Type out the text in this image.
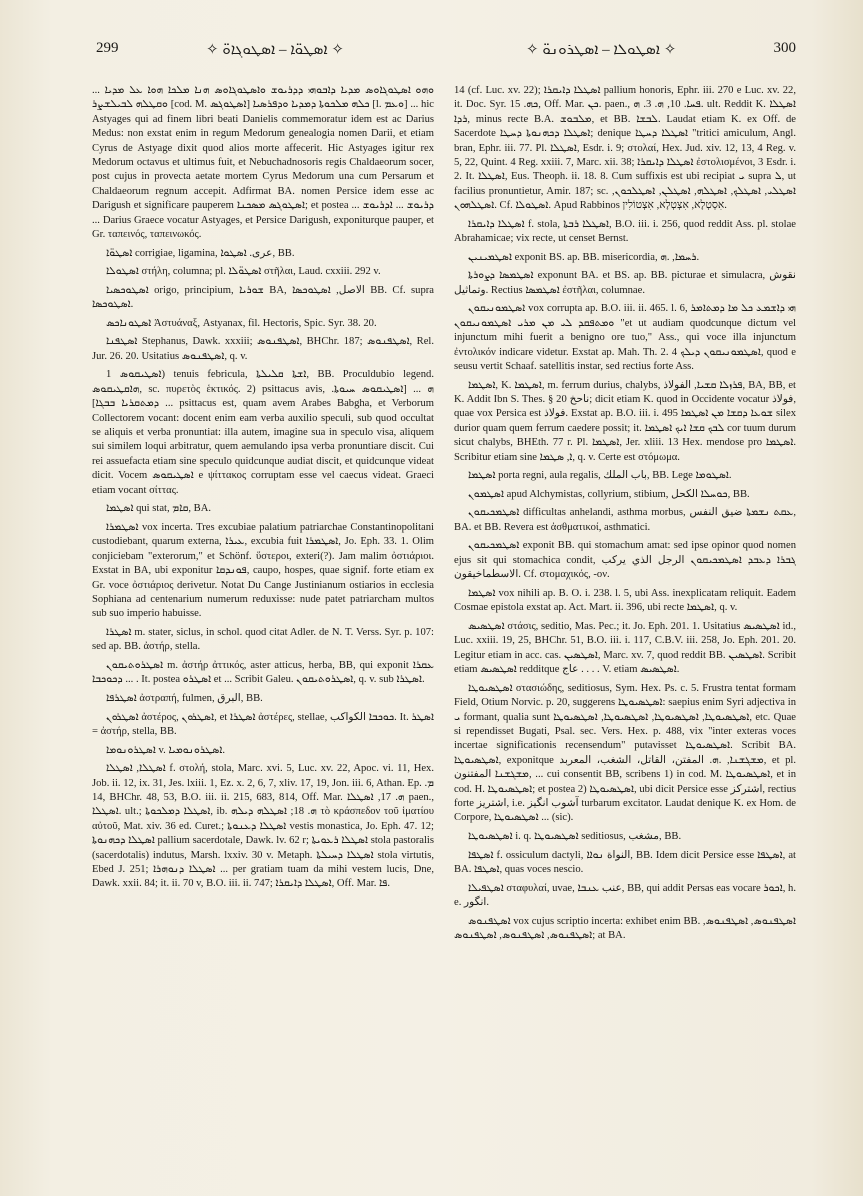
299	✧ ܐܣܛܘ̈ܐ – ܐܣܛܘܓܐܘ̈ ✧	✧ ܐܣܛܘܠܐ – ܐܣܛܪܘܢܘ̈ ✧	300

ܘܗܘ ܐܣܛܘܓܐܘܣ ܡܕܝܐ ܕܐܒܘܗܝ ܕܕܪܝܘܫ ܘܐܣܛܘܓܐܘܣ ܗܢܐ ܡܠܟܐ ܗܘܐ ܥܠ ܡܕܝܐ ... ܘܩܛܠܗ ܠܒܝܠܫܨܪ [cod. M. ܐܣܛܘܓܣ] ܟܠܗ ܡܠܟܘܬܐ ܕܡܕܝܐ ܘܕܦܪܣܝܐ [l. ܘܥܡ] ... hic Astyages qui ad finem libri beati Danielis commemoratur idem est ac Darius Medus: non exstat enim in regum Medorum genealogia nomen Darii, et etiam Cyrus de Astyage dixit quod alios morte affecerit. Hic Astyages igitur rex Medorum octavus et ultimus fuit, et Nebuchadnosoris regis Chaldaeorum socer, post cujus in provecta aetate mortem Cyrus Medorum una cum Persarum et Chaldaeorum regnum accepit. Adfirmat BA. nomen Persice idem esse ac Darigush et significare pauperem ܐܣܛܘܓܣ ܡܣܟܢܐ; et postea ... ܕܪܝܘܫ ... ܐܕܪܝܘܫ ... Darius Graece vocatur Astyages, et Persice Darigush, exponiturque pauper, et Gr. ταπεινός, ταπεινωκός.

ܐܣܛܘ̈ܐ corrigiae, ligamina, عرى. ܐܣܛܘܐ, BB.

ܐܣܛܘܠܐ στήλη, columna; pl. ܐܣܛܘ̈ܠܐ στῆλαι, Laud. cxxiii. 292 v.

ܐܣܛܘܟܣܝܐ origo, principium, ܫܘܪܝܐ BA, الاصل, ܐܣܛܘܟܣܐ BB. Cf. supra ܐܣܛܘܟܣܐ.

ܐܣܛܘܢܐܟܣ Ἀστυάναξ, Astyanax, fil. Hectoris, Spic. Syr. 38. 20.

ܐܣܛܦܢܐ Stephanus, Dawk. xxxiii; ܐܣܛܦܢܘܣ, BHChr. 187; ܐܣܛܦܢܘܣ, Rel. Jur. 26. 20. Usitatius ܐܣܛܦܢܘܣ, q. v.

ܐܣܛܝܩܘܣ 1) tenuis febricula, ܐܫܬܐ ܩܠܝܠܬܐ, BB. Proculdubio legend. ܗܐܩܛܝܩܘܣ, sc. πυρετὸς ἑκτικός. 2) psittacus avis, .ܗ ... [ܐܣܛܝܩܘܣ ܚܝܘܬܐ ܕܡܬܩܪܝܐ ܒܒܓܐ] ... psittacus est, quam avem Arabes Babgha, et Verborum Collectorem vocant: docent enim eam verba auxilio speculi, sub quod occultat se aliquis et verba pronuntiat: illa autem, imagine sua in speculo visa, aliquem sui similem loqui arbitratur, quem aemulando ipsa verba pronuntiare discit. Cui rei assuefacta etiam sine speculo quidcunque audiat discit, et quidcunque videat dicit. Vocem ܐܣܛܝܩܘܣ e ψίττακος corruptam esse vel caecus videat. Graeci etiam vocant σίττας.

ܐܣܛܡܐ qui stat, ܩܐܡ, BA.

ܐܣܛܡܪܐ vox incerta. Tres excubiae palatium patriarchae Constantinopolitani custodiebant, quarum externa, ܥܝܪܐ, excubia fuit ܐܣܛܡܪܐ, Jo. Eph. 33. 1. Olim conjiciebam "exterorum," et Schönf. ὕστεροι, exteri(?). Jam malim ὀστιάριοι. Exstat in BA, ubi exponitur ܦܘܢܕܩܐ, caupo, hospes, quae signif. forte etiam ex Gr. voce ὀστιάριος derivetur. Notat Du Cange Justinianum ostiarios in ecclesia Sophiana ad centenarium numerum reduxisse: nude patet patriarcham multos sub suo imperio habuisse.

ܐܣܛܪܐ m. stater, siclus, in schol. quod citat Adler. de N. T. Verss. Syr. p. 107: sed ap. BB. ἀστήρ, stella.

ܐܣܛܪܘܬܝܩܘܢ m. ἀστήρ ἀττικός, aster atticus, herba, BB, qui exponit ܥܩܪܐ ܕܟܘܟܒܐ ... . It. postea ܐܣܛܪܘ et ... Scribit Galeu. ܐܣܛܪܘܬܝܩܘܢ, q. v. sub ܐܣܛܪܐ.

ܐܣܛܪܦܐ ἀστραπή, fulmen, البرق, BB.

ܐܣܛܪܘܢ ἀστέρος, ܐܣܛܪܘܢ, et ܐܣܛܪܐ ἀστέρες, stellae, ܟܘܟܒܐ الكواكب. It. ܐܣܛܪ = ἀστήρ, stella, BB.

ܐܣܛܪܘܢܘܡܐ v. ܐܣܛܪܘܢܘܡܝܐ.

ܐܣܛܠܐ, ܐܣܛܠܐ f. στολή, stola, Marc. xvi. 5, Luc. xv. 22, Apoc. vi. 11, Hex. Job. ii. 12, ix. 31, Jes. lxiii. 1, Ez. x. 2, 6, 7, xliv. 17, 19, Jon. iii. 6, Athan. Ep. ܡ. 14, BHChr. 48, 53, B.O. iii. ii. 215, 683, 814, Off. Mar. ܗ. 17, ܐܣܛܠܐ paen., ܐܣܛܠܐ. ult.; ܐܣܛܠܐ ܕܡܠܟܘܬܐ, ib. ܗ. 18; ܐܣܛܠܗ ܕܝܠܗ τὸ κράσπεδον τοῦ ἱματίου αὐτοῦ, Mat. xiv. 36 ed. Curet.; ܐܣܛܠܐ ܕܥܢܘܬܐ vestis monastica, Jo. Eph. 47. 12; ܐܣܛܠܐ ܕܟܗܢܘܬܐ pallium sacerdotale, Dawk. lv. 62 r; ܐܣܛܠܐ ܪܥܘܝܬܐ stola pastoralis (sacerdotalis) indutus, Marsh. lxxiv. 30 v. Metaph. ܐܣܛܠܐ ܕܚܝܠܬܐ stola virtutis, Ebed J. 251; ܐܣܛܠܐ ܕܢܘܗܪܐ ... per gratiam tuam da mihi vestem lucis, Dne, Dawk. xxii. 84; it. ii. 70 v, B.O. iii. ii. 747; ܐܣܛܠܐ ܕܐܝܩܪܐ, Off. Mar. ܦܐ.

14 (cf. Luc. xv. 22); ܐܣܛܠܐ ܕܐܝܩܪܐ pallium honoris, Ephr. iii. 270 e Luc. xv. 22, it. Doc. Syr. ܟܗ. 15, Off. Mar. ܟܢ. paen., ܦܚܐ. 10, ܗ. 3. ܗ. ult. Reddit K. ܐܣܛܠܐ ܪܕܐ, minus recte B.A. ܡܠܒܘܫ, et BB. ܠܒܫܐ. Laudat etiam K. ex Off. de Sacerdote ܐܣܛܠܐ ܕܟܗܢܘܬܐ ܕܚܛܐ; denique ܐܣܛܠܐ ܕܚܛܐ "tritici amiculum, Angl. bran, Ephr. iii. 77. Pl. ܐܣܛܠܐ, Esdr. i. 9; στολαί, Hex. Jud. xiv. 12, 13, 4 Reg. v. 5, 22, Quint. 4 Reg. xxiii. 7, Marc. xii. 38; ܐܣܛܠܐ ܕܐܝܩܪܐ ἐστολισμένοι, 3 Esdr. i. 2. It. ܐܣܛܠܐ, Eus. Theoph. ii. 18. 8. Cum suffixis est ubi recipiat ܝ supra ܠ, ut facilius pronuntietur, Amir. 187; sc. ܐܣܛܠܝ, ܐܣܛܠܟ, ܐܣܛܠܗ, ܐܣܛܠܢ, ܐܣܛܠܟܘܢ, ܐܣܛܠܗܘܢ. Cf. ܐܣܛܘܠܐ. Apud Rabbinos אִסְטְלָא, אִצְטְלָא, אִצְטוֹלִין.

ܐܣܛܠܐ ܕܐܝܩܪܐ f. stola, ܐܣܛܠܐ ܪܒܬܐ, B.O. iii. i. 256, quod reddit Ass. pl. stolae Abrahamicae; vix recte, ut censet Bernst.

ܐܣܛܡܝܢܝܢ exponit BS. ap. BB. misericordia, ܪܚܡܐ, .ܗ.

ܐܣܛܡܣܐ ܕܨܘܪܬܐ exponunt BA. et BS. ap. BB. picturae et simulacra, نقوش وتماثيل. Rectius ܐܣܛܡܣܐ ἐστῆλαι, columnae.

ܐܣܛܡܘܢܝܩܘܢ vox corrupta ap. B.O. iii. ii. 465. l. 6, ܗܝ ܕܐܫܡܥ ܟܠ ܡܐ ܕܡܬܐܡܪ ܘܡܬܦܩܕ ܠܝ ܡܢ ܡܪܝ ܐܣܛܡܘܢܝܩܘܢ "et ut audiam quodcunque dictum vel injunctum mihi fuerit a benigno ore tuo," Ass., qui voce illa injunctum ἐντολικόν indicare videtur. Exstat ap. Mah. Th. 2. 4 ܐܣܛܡܘܢܝܩܘܢ ܕܝܠܟ, quod e seusu vertit Schaaf. satellitis instar, sed rectius forte Ass.

ܐܣܛܡܐ, K. ܐܣܛܡܐ, m. ferrum durius, chalybs, ܦܪܙܠܐ ܩܫܝܐ, الفولاذ, BA, BB, et K. Addit Ibn S. Thes. § 20 ناحخ; dicit etiam K. quod in Occidente vocatur فولاذ, quae vox Persica est فولاذ. Exstat ap. B.O. iii. i. 495 ܫܘܥܐ ܕܩܫܐ ܡܢ ܐܣܛܡܐ silex durior quam quem ferrum caedere possit; it. ܠܒܟ ܩܫܐ ܐܝܟ ܐܣܛܡܐ cor tuum durum sicut chalybs, BHEth. 77 r. Pl. ܐܣܛܡܐ, Jer. xliii. 13 Hex. mendose pro ܐܣܛܡܐ. Scribitur etiam sine ܐ, ܣܛܡܐ, q. v. Certe est στόμωμα.

ܐܣܛܡܐ porta regni, aula regalis, باب الملك, BB. Lege ܐܣܛܘܡܐ.

ܐܣܛܡܘܢ apud Alchymistas, collyrium, stibium, ܟܘܚܠܐ الكحل, BB.

ܐܣܛܡܟܝܩܘܢ difficultas anhelandi, asthma morbus, ܥܩܬ ܢܫܡܬܐ ضيق النفس, BA. et BB. Revera est ἀσθματικοί, asthmatici.

ܐܣܛܡܟܝܩܘܢ exponit BB. qui stomachum amat: sed ipse opinor quod nomen ejus sit qui stomachica condit, ܓܒܪܐ ܕܥܒܕ ܐܣܛܡܟܝܩܘܢ الرجل الذي يركب الاسطماخيقون. Cf. στομαχικός, -ον.

ܐܣܛܡܐ vox nihili ap. B. O. i. 238. l. 5, ubi Ass. inexplicatam reliquit. Eadem Cosmae epistola exstat ap. Act. Mart. ii. 396, ubi recte ܐܣܛܡܐ, q. v.

ܐܣܛܣܝܣ στάσις, seditio, Mas. Pec.; it. Jo. Eph. 201. 1. Usitatius ܐܣܛܣܝܣ id., Luc. xxiii. 19, 25, BHChr. 51, B.O. iii. i. 117, C.B.V. iii. 258, Jo. Eph. 201. 20. Legitur etiam in acc. cas. ܐܣܛܣܝܢ, Marc. xv. 7, quod reddit BB. ܐܣܛܣܝܢ. Scribit etiam ܐܣܛܣܝܣ redditque عاج . . . . V. etiam ܐܣܛܣܝܣ.

ܐܣܛܣܝܘܛܐ στασιώδης, seditiosus, Sym. Hex. Ps. c. 5. Frustra tentat formam Field, Otium Norvic. p. 20, suggerens ܐܣܛܣܝܘܛܐ: saepius enim Syri adjectiva in ܝ formant, qualia sunt ܐܣܛܣܝܘܛܐ, ܐܣܛܣܝܘܛܐ, ܐܣܛܣܝܘܛܐ, ܐܣܛܣܝܘܛܐ, etc. Quae si rependisset Bugati, Psal. sec. Vers. Hex. p. 488, vix "inter exteras voces incertae significationis recensendum" putavisset ܐܣܛܣܝܘܛܐ. Scribit BA. ܐܣܛܣܝܘܛܐ, exponitque ܡܫܓܫܢܐ, .ܗ. المفتن، القاتل، الشغب، المعربد, et pl. ܡܫܓܫܢܐ المفتنون, ... cui consentit BB, scribens 1) in cod. M. ܐܣܛܣܝܘܛܐ, et in cod. H. ܐܣܛܣܝܘܛܐ; et postea 2) ܐܣܛܣܝܘܛܐ, ubi dicit Persice esse اشتركز, rectius forte اشتريز, i.e. آشوب انگيز turbarum excitator. Laudat denique K. ex Hom. de Corpore, ܐܣܛܣܝܘܛܐ ... (sic).

ܐܣܛܣܝܘܛܐ i. q. ܐܣܛܣܝܘܛܐ seditiosus, مشغب, BB.

ܐܣܛܦܐ f. ossiculum dactyli, النواة ܢܘܐܐ, BB. Idem dicit Persice esse ܐܣܛܦܐ, at BA. ܐܣܛܦܐ, quas voces nescio.

ܐܣܛܦܝܠܐ σταφυλαί, uvae, عنب ܥܢܒܐ, BB, qui addit Persas eas vocare ܐܟܘܪ, h. e. انگور.

ܐܣܛܦܢܘܣ vox cujus scriptio incerta: exhibet enim BB. ܐܣܛܦܢܘܣ, ܐܣܛܦܢܘܣ, ܐܣܛܦܢܘܣ, ܐܣܛܦܢܘܣ, ܐܣܛܦܢܘܣ; at BA.
